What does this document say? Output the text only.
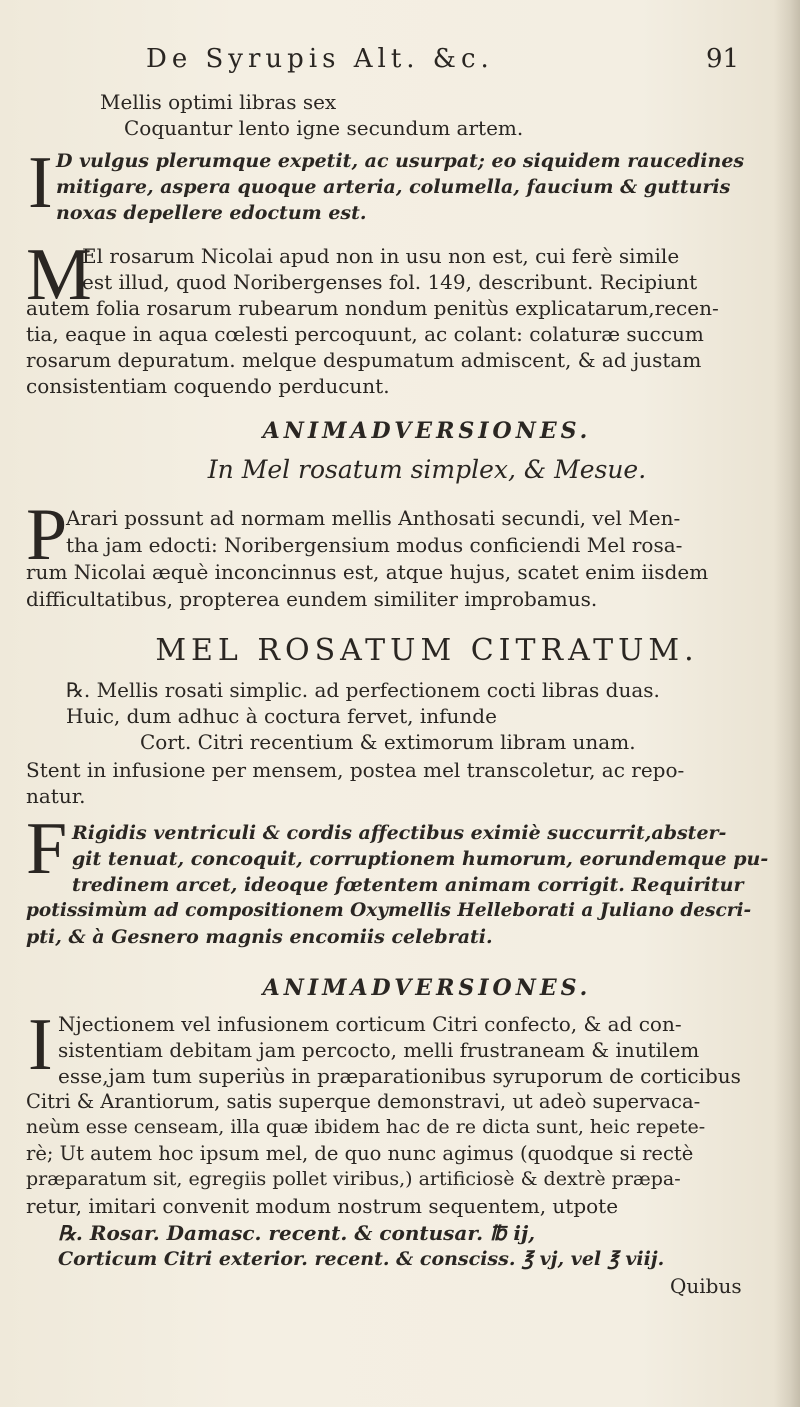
De Syrupis Alt. &c.	91
Mellis optimi libras sex
Coquantur lento igne secundum artem.
I D vulgus plerumque expetit, ac usurpat; eo siquidem raucedines
mitigare, aspera quoque arteria, columella, faucium & gutturis
noxas depellere edoctum est.
M
El rosarum Nicolai apud non in usu non est, cui ferè simile
est illud, quod Noribergenses fol. 149, describunt. Recipiunt
autem folia rosarum rubearum nondum penitùs explicatarum,recen-
tia, eaque in aqua cœlesti percoquunt, ac colant: colaturæ succum
rosarum depuratum. melque despumatum admiscent, & ad justam
consistentiam coquendo perducunt.
ANIMADVERSIONES.
In Mel rosatum simplex, & Mesue.
P
Arari possunt ad normam mellis Anthosati secundi, vel Men-
tha jam edocti: Noribergensium modus conficiendi Mel rosa-
rum Nicolai æquè inconcinnus est, atque hujus, scatet enim iisdem
difficultatibus, propterea eundem similiter improbamus.
MEL ROSATUM CITRATUM.
℞. Mellis rosati simplic. ad perfectionem cocti libras duas.
Huic, dum adhuc à coctura fervet, infunde
Cort. Citri recentium & extimorum libram unam.
Stent in infusione per mensem, postea mel transcoletur, ac repo-
natur.
F Rigidis ventriculi & cordis affectibus eximiè succurrit,abster-
git tenuat, concoquit, corruptionem humorum, eorundemque pu-
tredinem arcet, ideoque fœtentem animam corrigit. Requiritur
potissimùm ad compositionem Oxymellis Helleborati a Juliano descri-
pti, & à Gesnero magnis encomiis celebrati.
ANIMADVERSIONES.
I Njectionem vel infusionem corticum Citri confecto, & ad con-
sistentiam debitam jam percocto, melli frustraneam & inutilem
esse,jam tum superiùs in præparationibus syruporum de corticibus
Citri & Arantiorum, satis superque demonstravi, ut adeò supervaca-
neùm esse censeam, illa quæ ibidem hac de re dicta sunt, heic repete-
rè; Ut autem hoc ipsum mel, de quo nunc agimus (quodque si rectè
præparatum sit, egregiis pollet viribus,) artificiosè & dextrè præpa-
retur, imitari convenit modum nostrum sequentem, utpote
℞. Rosar. Damasc. recent. & contusar. ℔ ij,
Corticum Citri exterior. recent. & consciss. ℥ vj, vel ℥ viij.
Quibus
